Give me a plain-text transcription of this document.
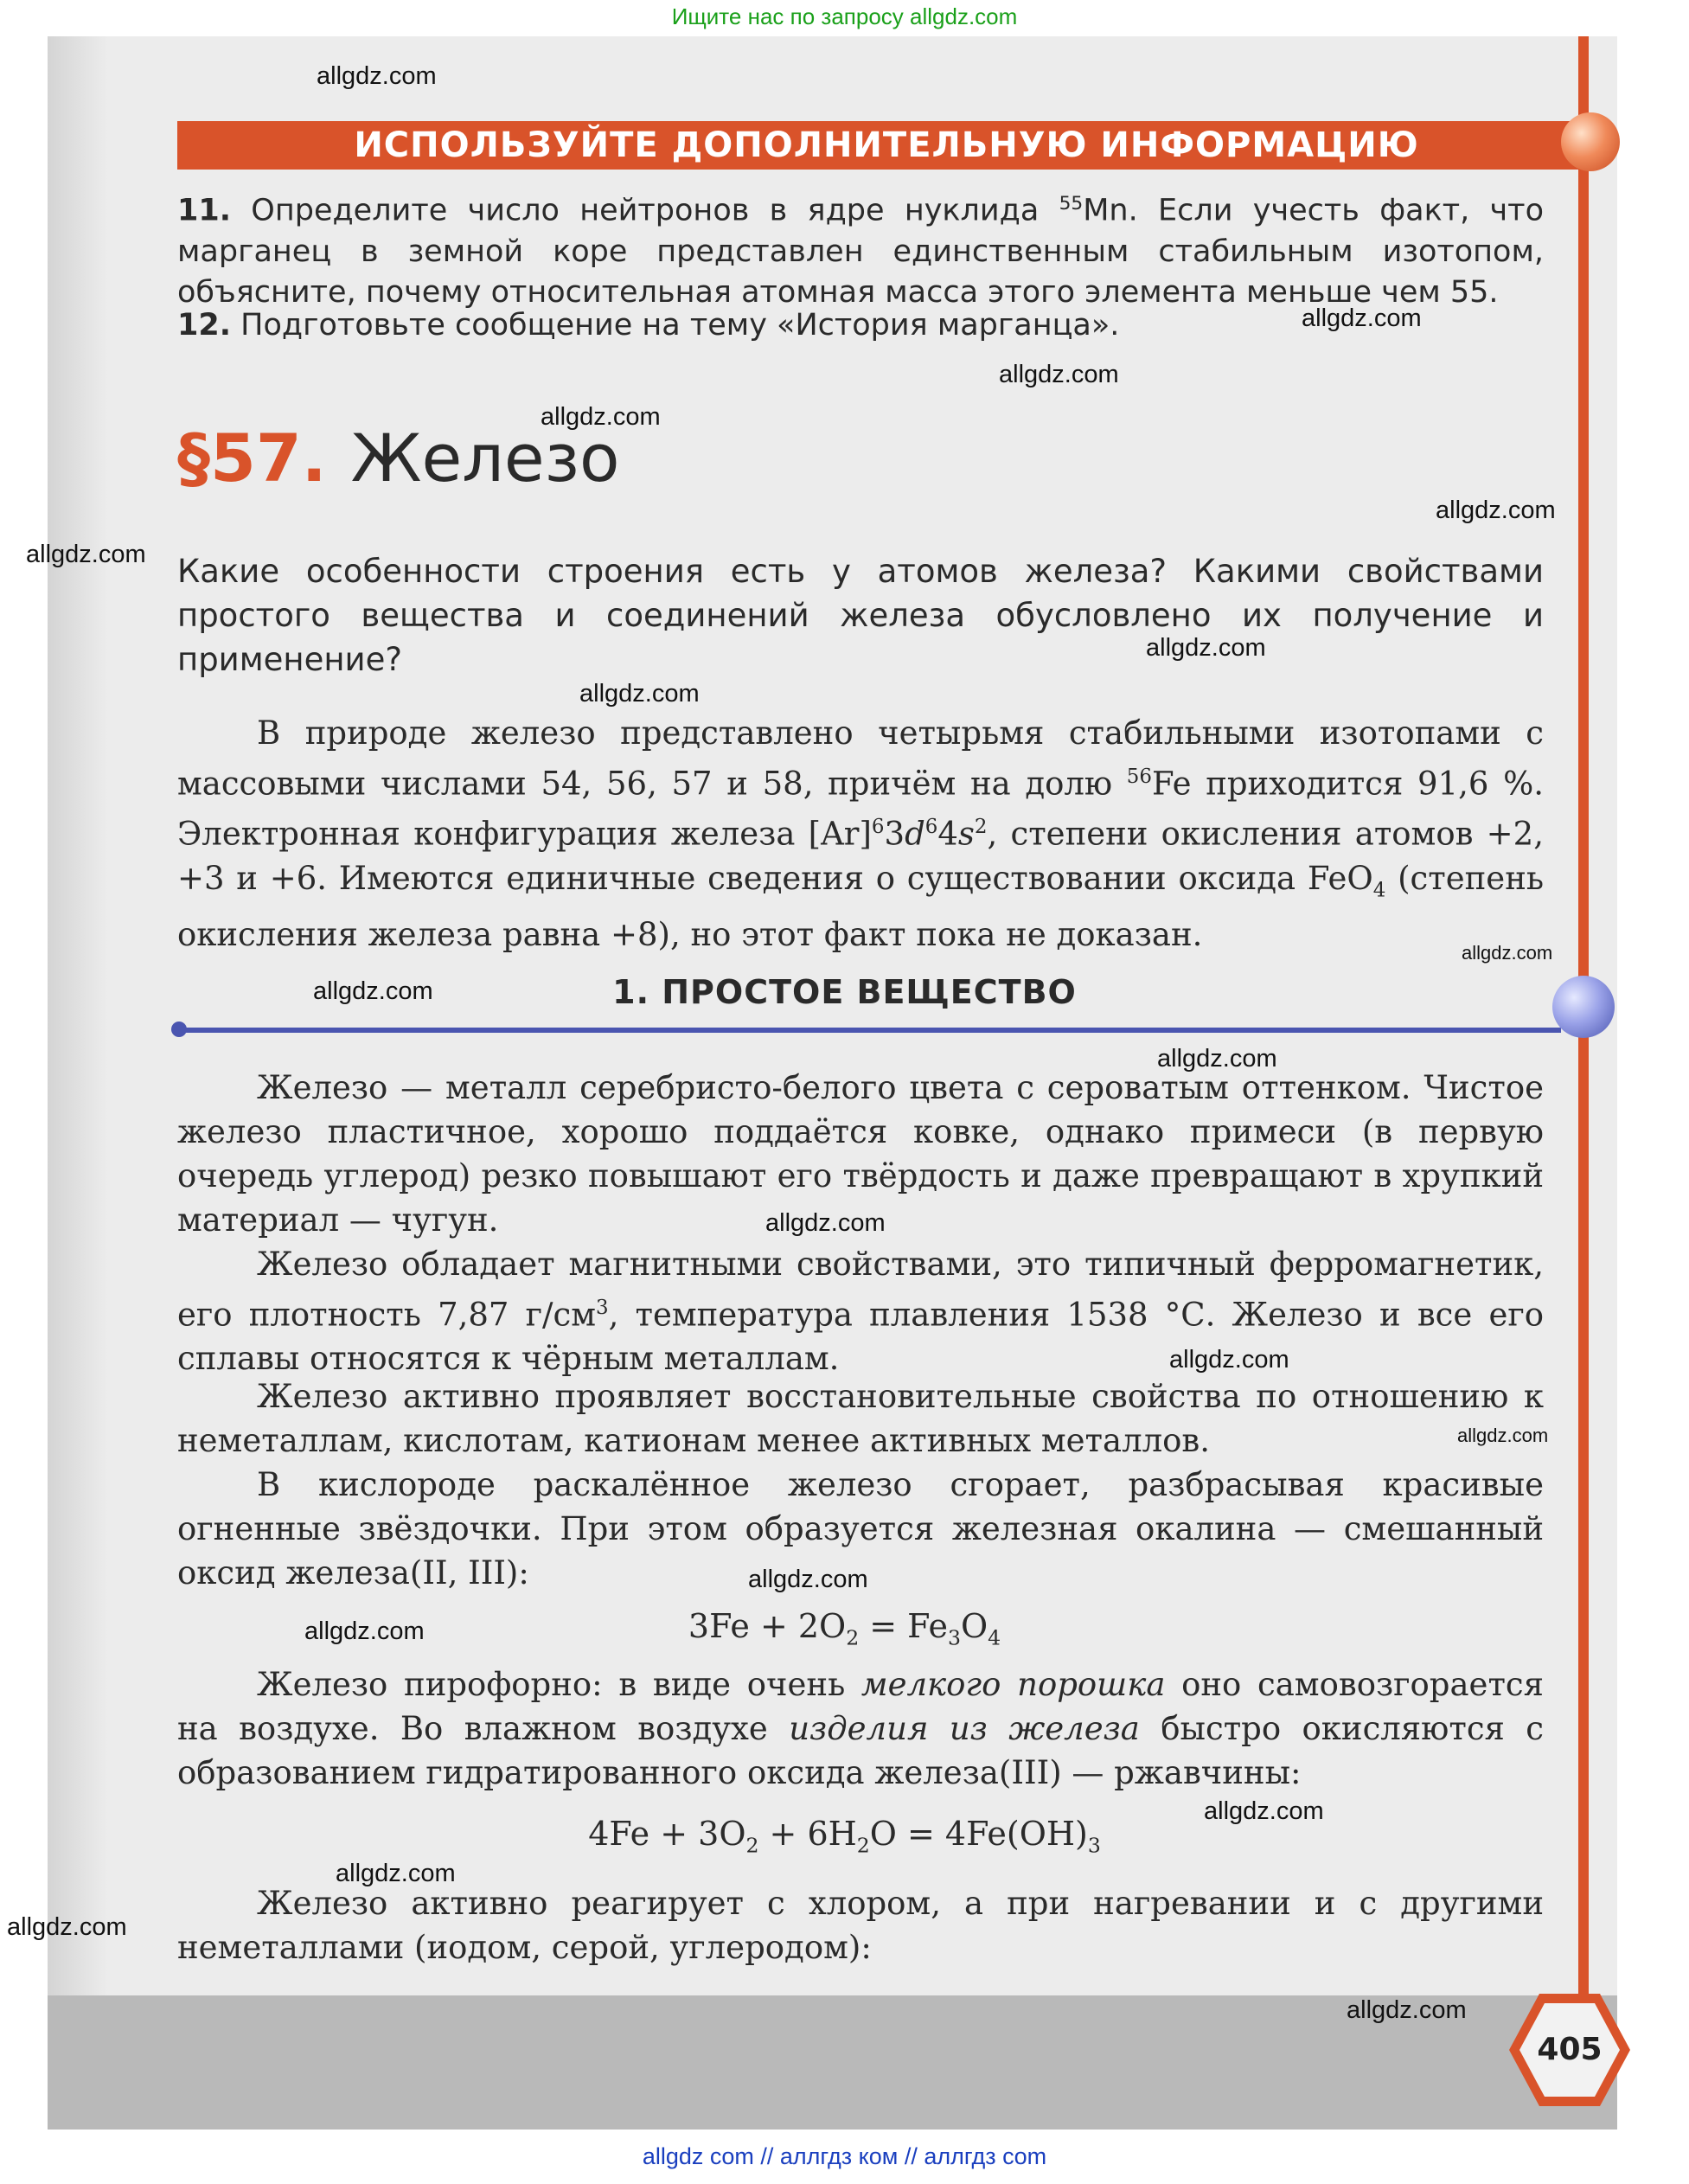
Ищите нас по запросу allgdz.com
ИСПОЛЬЗУЙТЕ ДОПОЛНИТЕЛЬНУЮ ИНФОРМАЦИЮ
11. Определите число нейтронов в ядре нуклида $^{55}$Mn. Если учесть факт, что марганец в земной коре представлен единственным стабильным изотопом, объясните, почему относительная атомная масса этого элемента меньше чем 55.
12. Подготовьте сообщение на тему «История марганца».
§57. Железо
Какие особенности строения есть у атомов железа? Какими свойствами простого вещества и соединений железа обусловлено их получение и применение?
В природе железо представлено четырьмя стабильными изотопами с массовыми числами 54, 56, 57 и 58, причём на долю $^{56}$Fe приходится 91,6 %. Электронная конфигурация железа $[Ar]^63d^64s^2$, степени окисления атомов +2, +3 и +6. Имеются единичные сведения о существовании оксида FeO$_4$ (степень окисления железа равна +8), но этот факт пока не доказан.
1. ПРОСТОЕ ВЕЩЕСТВО
Железо — металл серебристо-белого цвета с сероватым оттенком. Чистое железо пластичное, хорошо поддаётся ковке, однако примеси (в первую очередь углерод) резко повышают его твёрдость и даже превращают в хрупкий материал — чугун.
Железо обладает магнитными свойствами, это типичный ферромагнетик, его плотность 7,87 $г/см^3$, температура плавления 1538 °С. Железо и все его сплавы относятся к чёрным металлам.
Железо активно проявляет восстановительные свойства по отношению к неметаллам, кислотам, катионам менее активных металлов.
В кислороде раскалённое железо сгорает, разбрасывая красивые огненные звёздочки. При этом образуется железная окалина — смешанный оксид железа(II, III):
$3Fe + 2O_2 = Fe_3O_4$
Железо пирофорно: в виде очень мелкого порошка оно самовозгорается на воздухе. Во влажном воздухе изделия из железа быстро окисляются с образованием гидратированного оксида железа(III) — ржавчины:
$4Fe + 3O_2 + 6H_2O = 4Fe(OH)_3$
Железо активно реагирует с хлором, а при нагревании и с другими неметаллами (иодом, серой, углеродом):
405
allgdz.com
allgdz.com
allgdz.com
allgdz.com
allgdz.com
allgdz.com
allgdz.com
allgdz.com
allgdz.com
allgdz.com
allgdz.com
allgdz.com
allgdz.com
allgdz.com
allgdz.com
allgdz.com
allgdz.com
allgdz.com
allgdz.com
allgdz.com
allgdz com // аллгдз ком // аллгдз com
